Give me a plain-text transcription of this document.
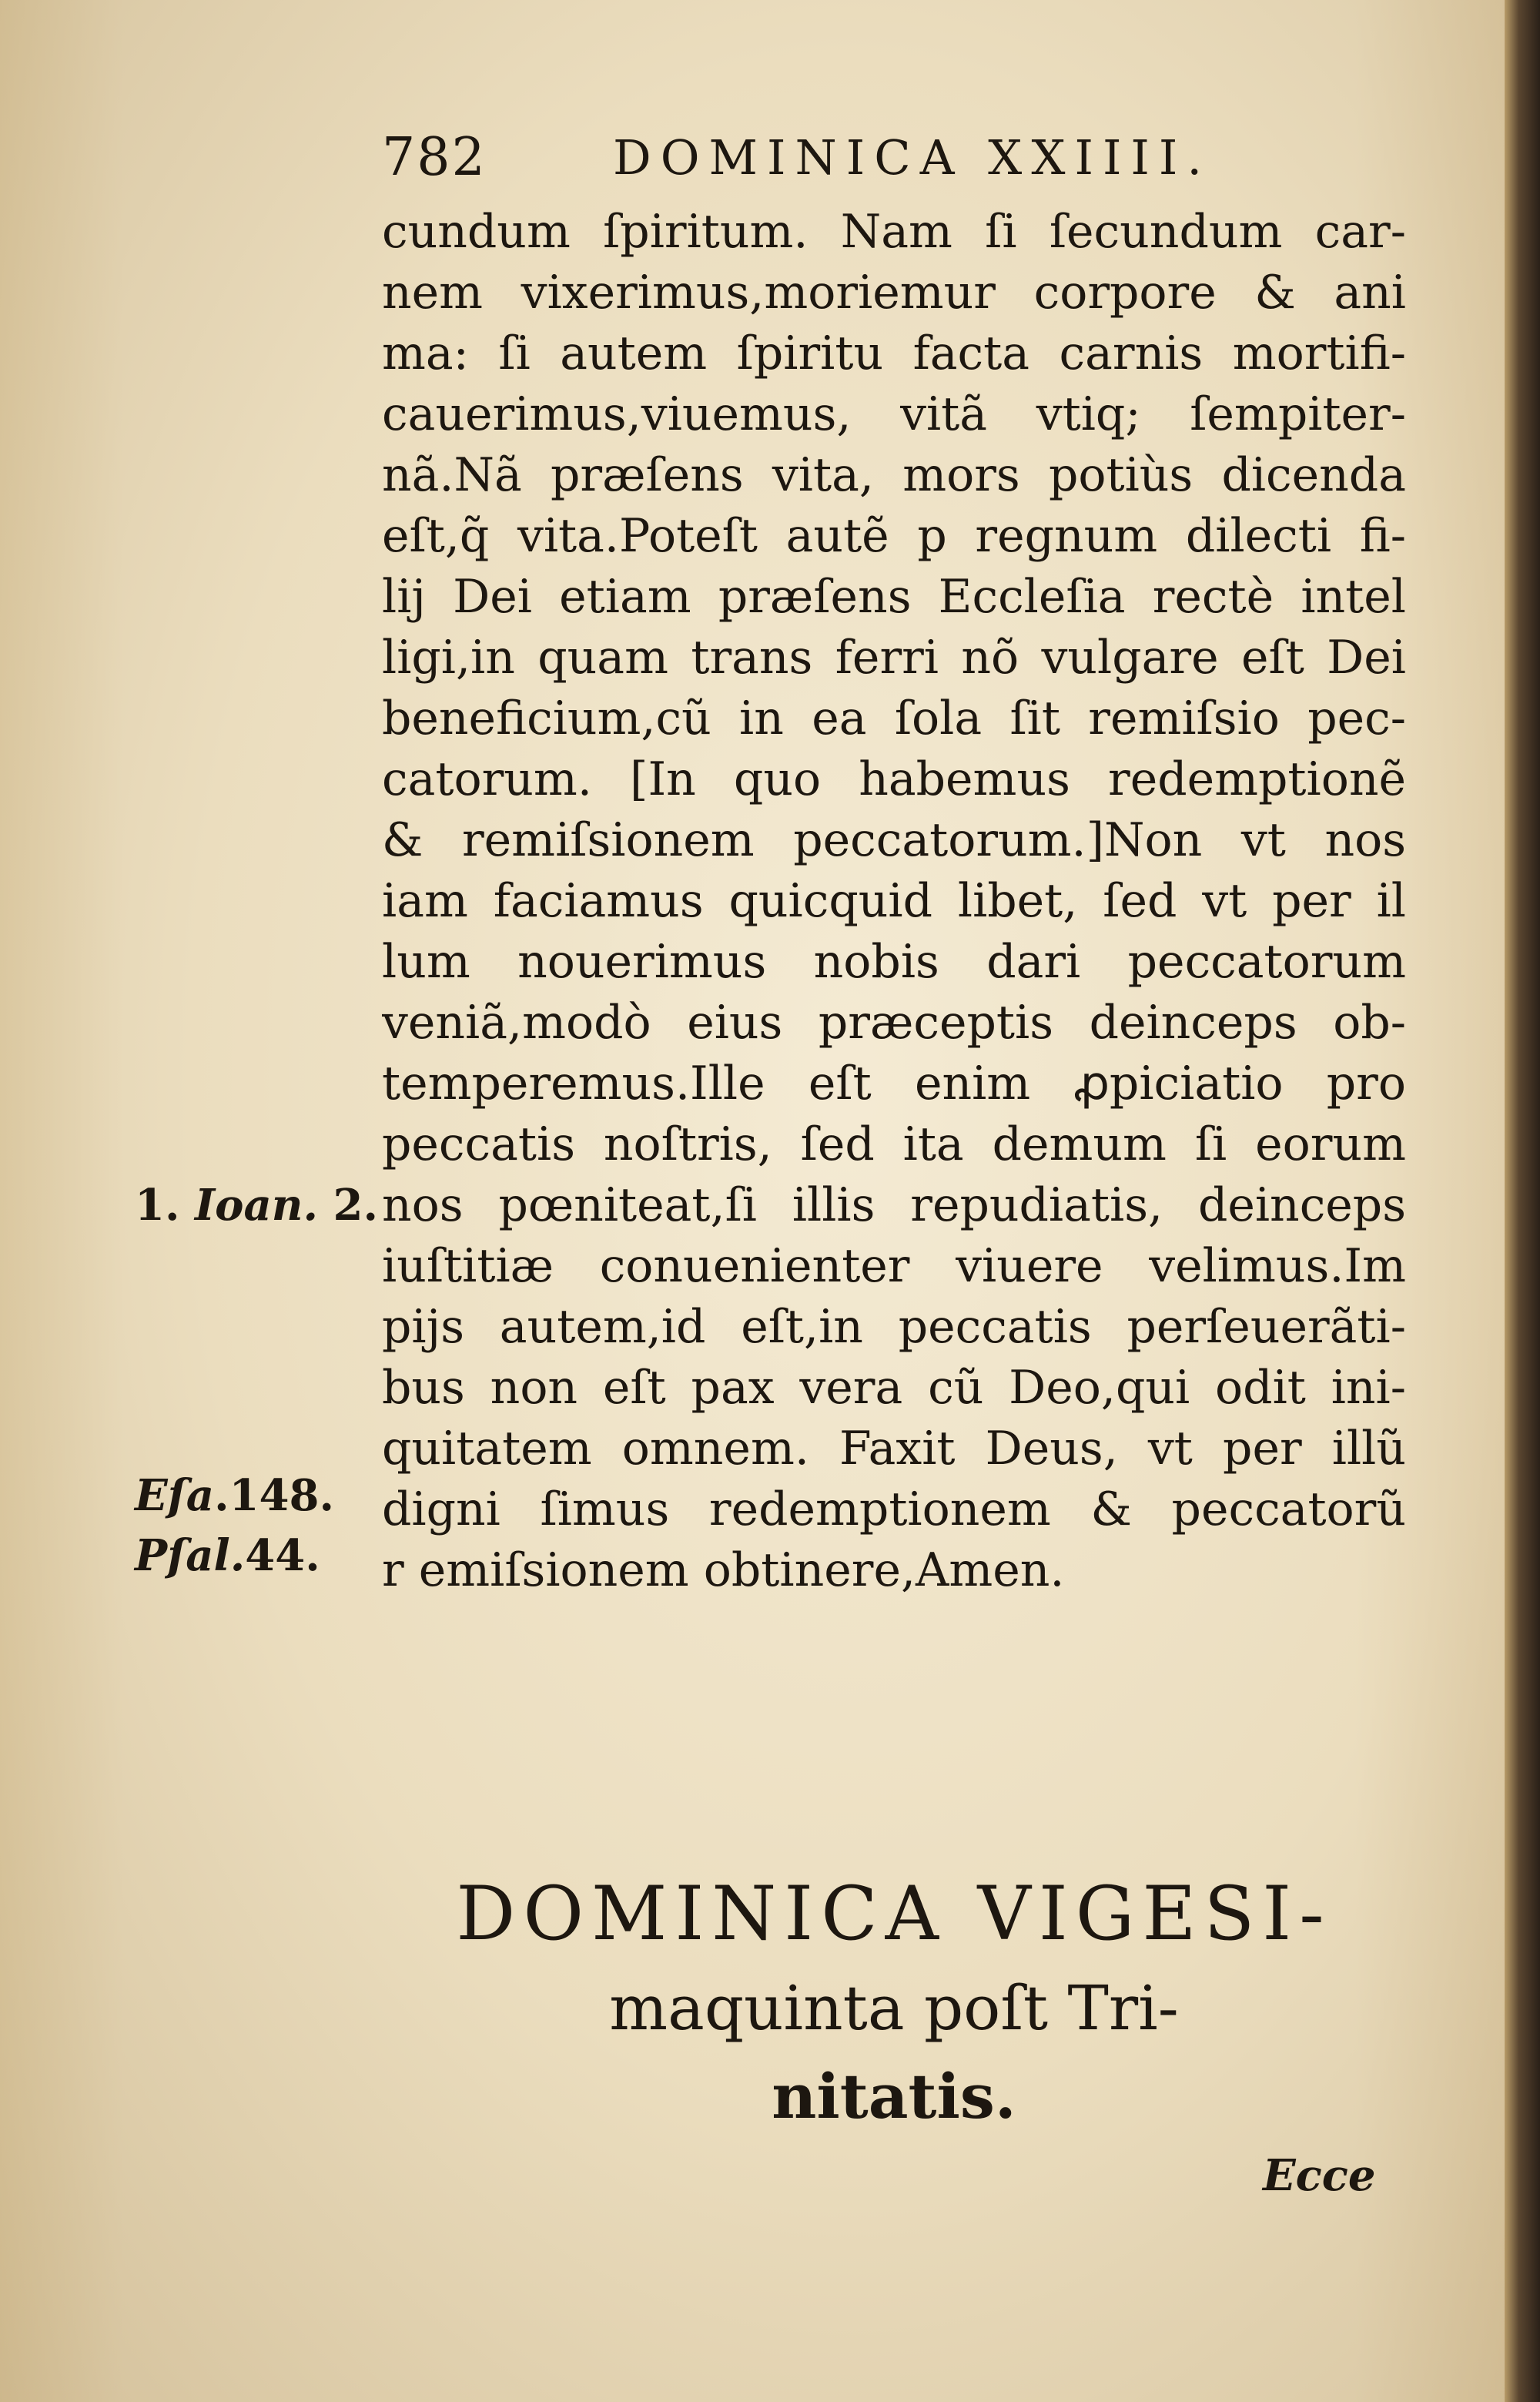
782	DOMINICA XXIIII.
cundum ſpiritum. Nam ſi ſecundum car-
nem vixerimus,moriemur corpore & ani
ma: ſi autem ſpiritu facta carnis mortifi-
cauerimus,viuemus, vitã vtiq; ſempiter-
nã.Nã præſens vita, mors potiùs dicenda
eſt,q̃ vita.Poteſt autẽ p regnum dilecti fi-
lij Dei etiam præſens Eccleſia rectè intel
ligi,in quam trans ferri nõ vulgare eſt Dei
beneficium,cũ in ea ſola ſit remiſsio pec-
catorum. [In quo habemus redemptionẽ
& remiſsionem peccatorum.]Non vt nos
iam faciamus quicquid libet, ſed vt per il
lum nouerimus nobis dari peccatorum
veniã,modò eius præceptis deinceps ob-
temperemus.Ille eſt enim ꝓpiciatio pro
peccatis noſtris, ſed ita demum ſi eorum
nos pœniteat,ſi illis repudiatis, deinceps
iuſtitiæ conuenienter viuere velimus.Im
pijs autem,id eſt,in peccatis perſeuerãti-
bus non eſt pax vera cũ Deo,qui odit ini-
quitatem omnem. Faxit Deus, vt per illũ
digni ſimus redemptionem & peccatorũ
r emiſsionem obtinere,Amen.
1. Ioan. 2.
Eſa.148.
Pſal.44.
DOMINICA VIGESI-
maquinta poſt Tri-
nitatis.
Ecce
